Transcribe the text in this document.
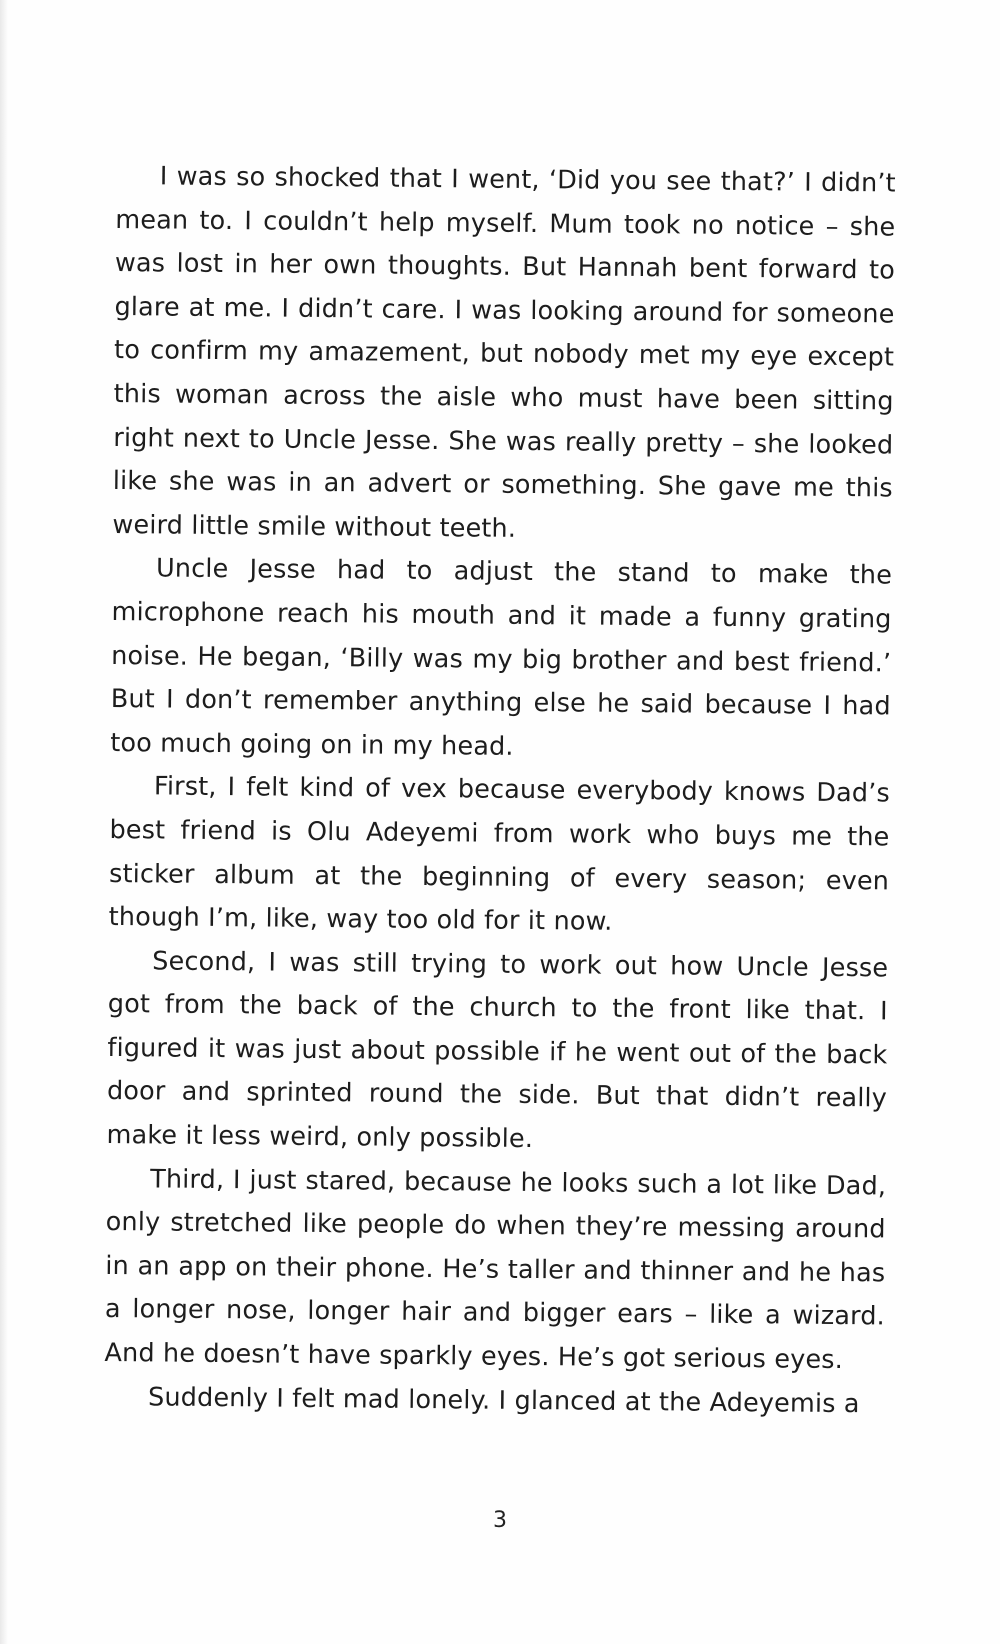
I was so shocked that I went, ‘Did you see that?’ I didn’t mean to. I couldn’t help myself. Mum took no notice – she was lost in her own thoughts. But Hannah bent forward to glare at me. I didn’t care. I was looking around for someone to confirm my amazement, but nobody met my eye except this woman across the aisle who must have been sitting right next to Uncle Jesse. She was really pretty – she looked like she was in an advert or something. She gave me this weird little smile without teeth.

Uncle Jesse had to adjust the stand to make the microphone reach his mouth and it made a funny grating noise. He began, ‘Billy was my big brother and best friend.’ But I don’t remember anything else he said because I had too much going on in my head.

First, I felt kind of vex because everybody knows Dad’s best friend is Olu Adeyemi from work who buys me the sticker album at the beginning of every season; even though I’m, like, way too old for it now.

Second, I was still trying to work out how Uncle Jesse got from the back of the church to the front like that. I figured it was just about possible if he went out of the back door and sprinted round the side. But that didn’t really make it less weird, only possible.

Third, I just stared, because he looks such a lot like Dad, only stretched like people do when they’re messing around in an app on their phone. He’s taller and thinner and he has a longer nose, longer hair and bigger ears – like a wizard. And he doesn’t have sparkly eyes. He’s got serious eyes.

Suddenly I felt mad lonely. I glanced at the Adeyemis a

3
